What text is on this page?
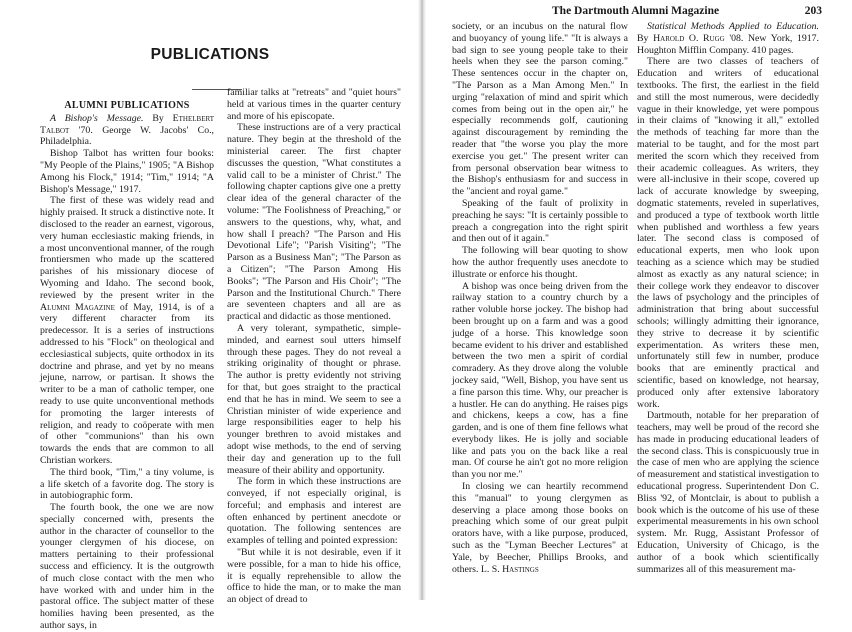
PUBLICATIONS
The Dartmouth Alumni Magazine	203

ALUMNI PUBLICATIONS

A Bishop's Message. By Ethelbert Talbot '70. George W. Jacobs' Co., Philadelphia.

Bishop Talbot has written four books: "My People of the Plains," 1905; "A Bishop Among his Flock," 1914; "Tim," 1914; "A Bishop's Message," 1917.

The first of these was widely read and highly praised. It struck a distinctive note. It disclosed to the reader an earnest, vigorous, very human ecclesiastic making friends, in a most unconventional manner, of the rough frontiersmen who made up the scattered parishes of his missionary diocese of Wyoming and Idaho. The second book, reviewed by the present writer in the Alumni Magazine of May, 1914, is of a very different character from its predecessor. It is a series of instructions addressed to his "Flock" on theological and ecclesiastical subjects, quite orthodox in its doctrine and phrase, and yet by no means jejune, narrow, or partisan. It shows the writer to be a man of catholic temper, one ready to use quite unconventional methods for promoting the larger interests of religion, and ready to coöperate with men of other "communions" than his own towards the ends that are common to all Christian workers.

The third book, "Tim," a tiny volume, is a life sketch of a favorite dog. The story is in autobiographic form.

The fourth book, the one we are now specially concerned with, presents the author in the character of counsellor to the younger clergymen of his diocese, on matters pertaining to their professional success and efficiency. It is the outgrowth of much close contact with the men who have worked with and under him in the pastoral office. The subject matter of these homilies having been presented, as the author says, in

familiar talks at "retreats" and "quiet hours" held at various times in the quarter century and more of his episcopate.

These instructions are of a very practical nature. They begin at the threshold of the ministerial career. The first chapter discusses the question, "What constitutes a valid call to be a minister of Christ." The following chapter captions give one a pretty clear idea of the general character of the volume: "The Foolishness of Preaching," or answers to the questions, why, what, and how shall I preach? "The Parson and His Devotional Life"; "Parish Visiting"; "The Parson as a Business Man"; "The Parson as a Citizen"; "The Parson Among His Books"; "The Parson and His Choir"; "The Parson and the Institutional Church." There are seventeen chapters and all are as practical and didactic as those mentioned.

A very tolerant, sympathetic, simple-minded, and earnest soul utters himself through these pages. They do not reveal a striking originality of thought or phrase. The author is pretty evidently not striving for that, but goes straight to the practical end that he has in mind. We seem to see a Christian minister of wide experience and large responsibilities eager to help his younger brethren to avoid mistakes and adopt wise methods, to the end of serving their day and generation up to the full measure of their ability and opportunity.

The form in which these instructions are conveyed, if not especially original, is forceful; and emphasis and interest are often enhanced by pertinent anecdote or quotation. The following sentences are examples of telling and pointed expression:

"But while it is not desirable, even if it were possible, for a man to hide his office, it is equally reprehensible to allow the office to hide the man, or to make the man an object of dread to

society, or an incubus on the natural flow and buoyancy of young life." "It is always a bad sign to see young people take to their heels when they see the parson coming." These sentences occur in the chapter on, "The Parson as a Man Among Men." In urging "relaxation of mind and spirit which comes from being out in the open air," he especially recommends golf, cautioning against discouragement by reminding the reader that "the worse you play the more exercise you get." The present writer can from personal observation bear witness to the Bishop's enthusiasm for and success in the "ancient and royal game."

Speaking of the fault of prolixity in preaching he says: "It is certainly possible to preach a congregation into the right spirit and then out of it again."

The following will bear quoting to show how the author frequently uses anecdote to illustrate or enforce his thought.

A bishop was once being driven from the railway station to a country church by a rather voluble horse jockey. The bishop had been brought up on a farm and was a good judge of a horse. This knowledge soon became evident to his driver and established between the two men a spirit of cordial comradery. As they drove along the voluble jockey said, "Well, Bishop, you have sent us a fine parson this time. Why, our preacher is a hustler. He can do anything. He raises pigs and chickens, keeps a cow, has a fine garden, and is one of them fine fellows what everybody likes. He is jolly and sociable like and pats you on the back like a real man. Of course he ain't got no more religion than you nor me."

In closing we can heartily recommend this "manual" to young clergymen as deserving a place among those books on preaching which some of our great pulpit orators have, with a like purpose, produced, such as the "Lyman Beecher Lectures" at Yale, by Beecher, Phillips Brooks, and others. L. S. Hastings

Statistical Methods Applied to Education. By Harold O. Rugg '08. New York, 1917. Houghton Mifflin Company. 410 pages.

There are two classes of teachers of Education and writers of educational textbooks. The first, the earliest in the field and still the most numerous, were decidedly vague in their knowledge, yet were pompous in their claims of "knowing it all," extolled the methods of teaching far more than the material to be taught, and for the most part merited the scorn which they received from their academic colleagues. As writers, they were all-inclusive in their scope, covered up lack of accurate knowledge by sweeping, dogmatic statements, reveled in superlatives, and produced a type of textbook worth little when published and worthless a few years later. The second class is composed of educational experts, men who look upon teaching as a science which may be studied almost as exactly as any natural science; in their college work they endeavor to discover the laws of psychology and the principles of administration that bring about successful schools; willingly admitting their ignorance, they strive to decrease it by scientific experimentation. As writers these men, unfortunately still few in number, produce books that are eminently practical and scientific, based on knowledge, not hearsay, produced only after extensive laboratory work.

Dartmouth, notable for her preparation of teachers, may well be proud of the record she has made in producing educational leaders of the second class. This is conspicuously true in the case of men who are applying the science of measurement and statistical investigation to educational progress. Superintendent Don C. Bliss '92, of Montclair, is about to publish a book which is the outcome of his use of these experimental measurements in his own school system. Mr. Rugg, Assistant Professor of Education, University of Chicago, is the author of a book which scientifically summarizes all of this measurement ma-
